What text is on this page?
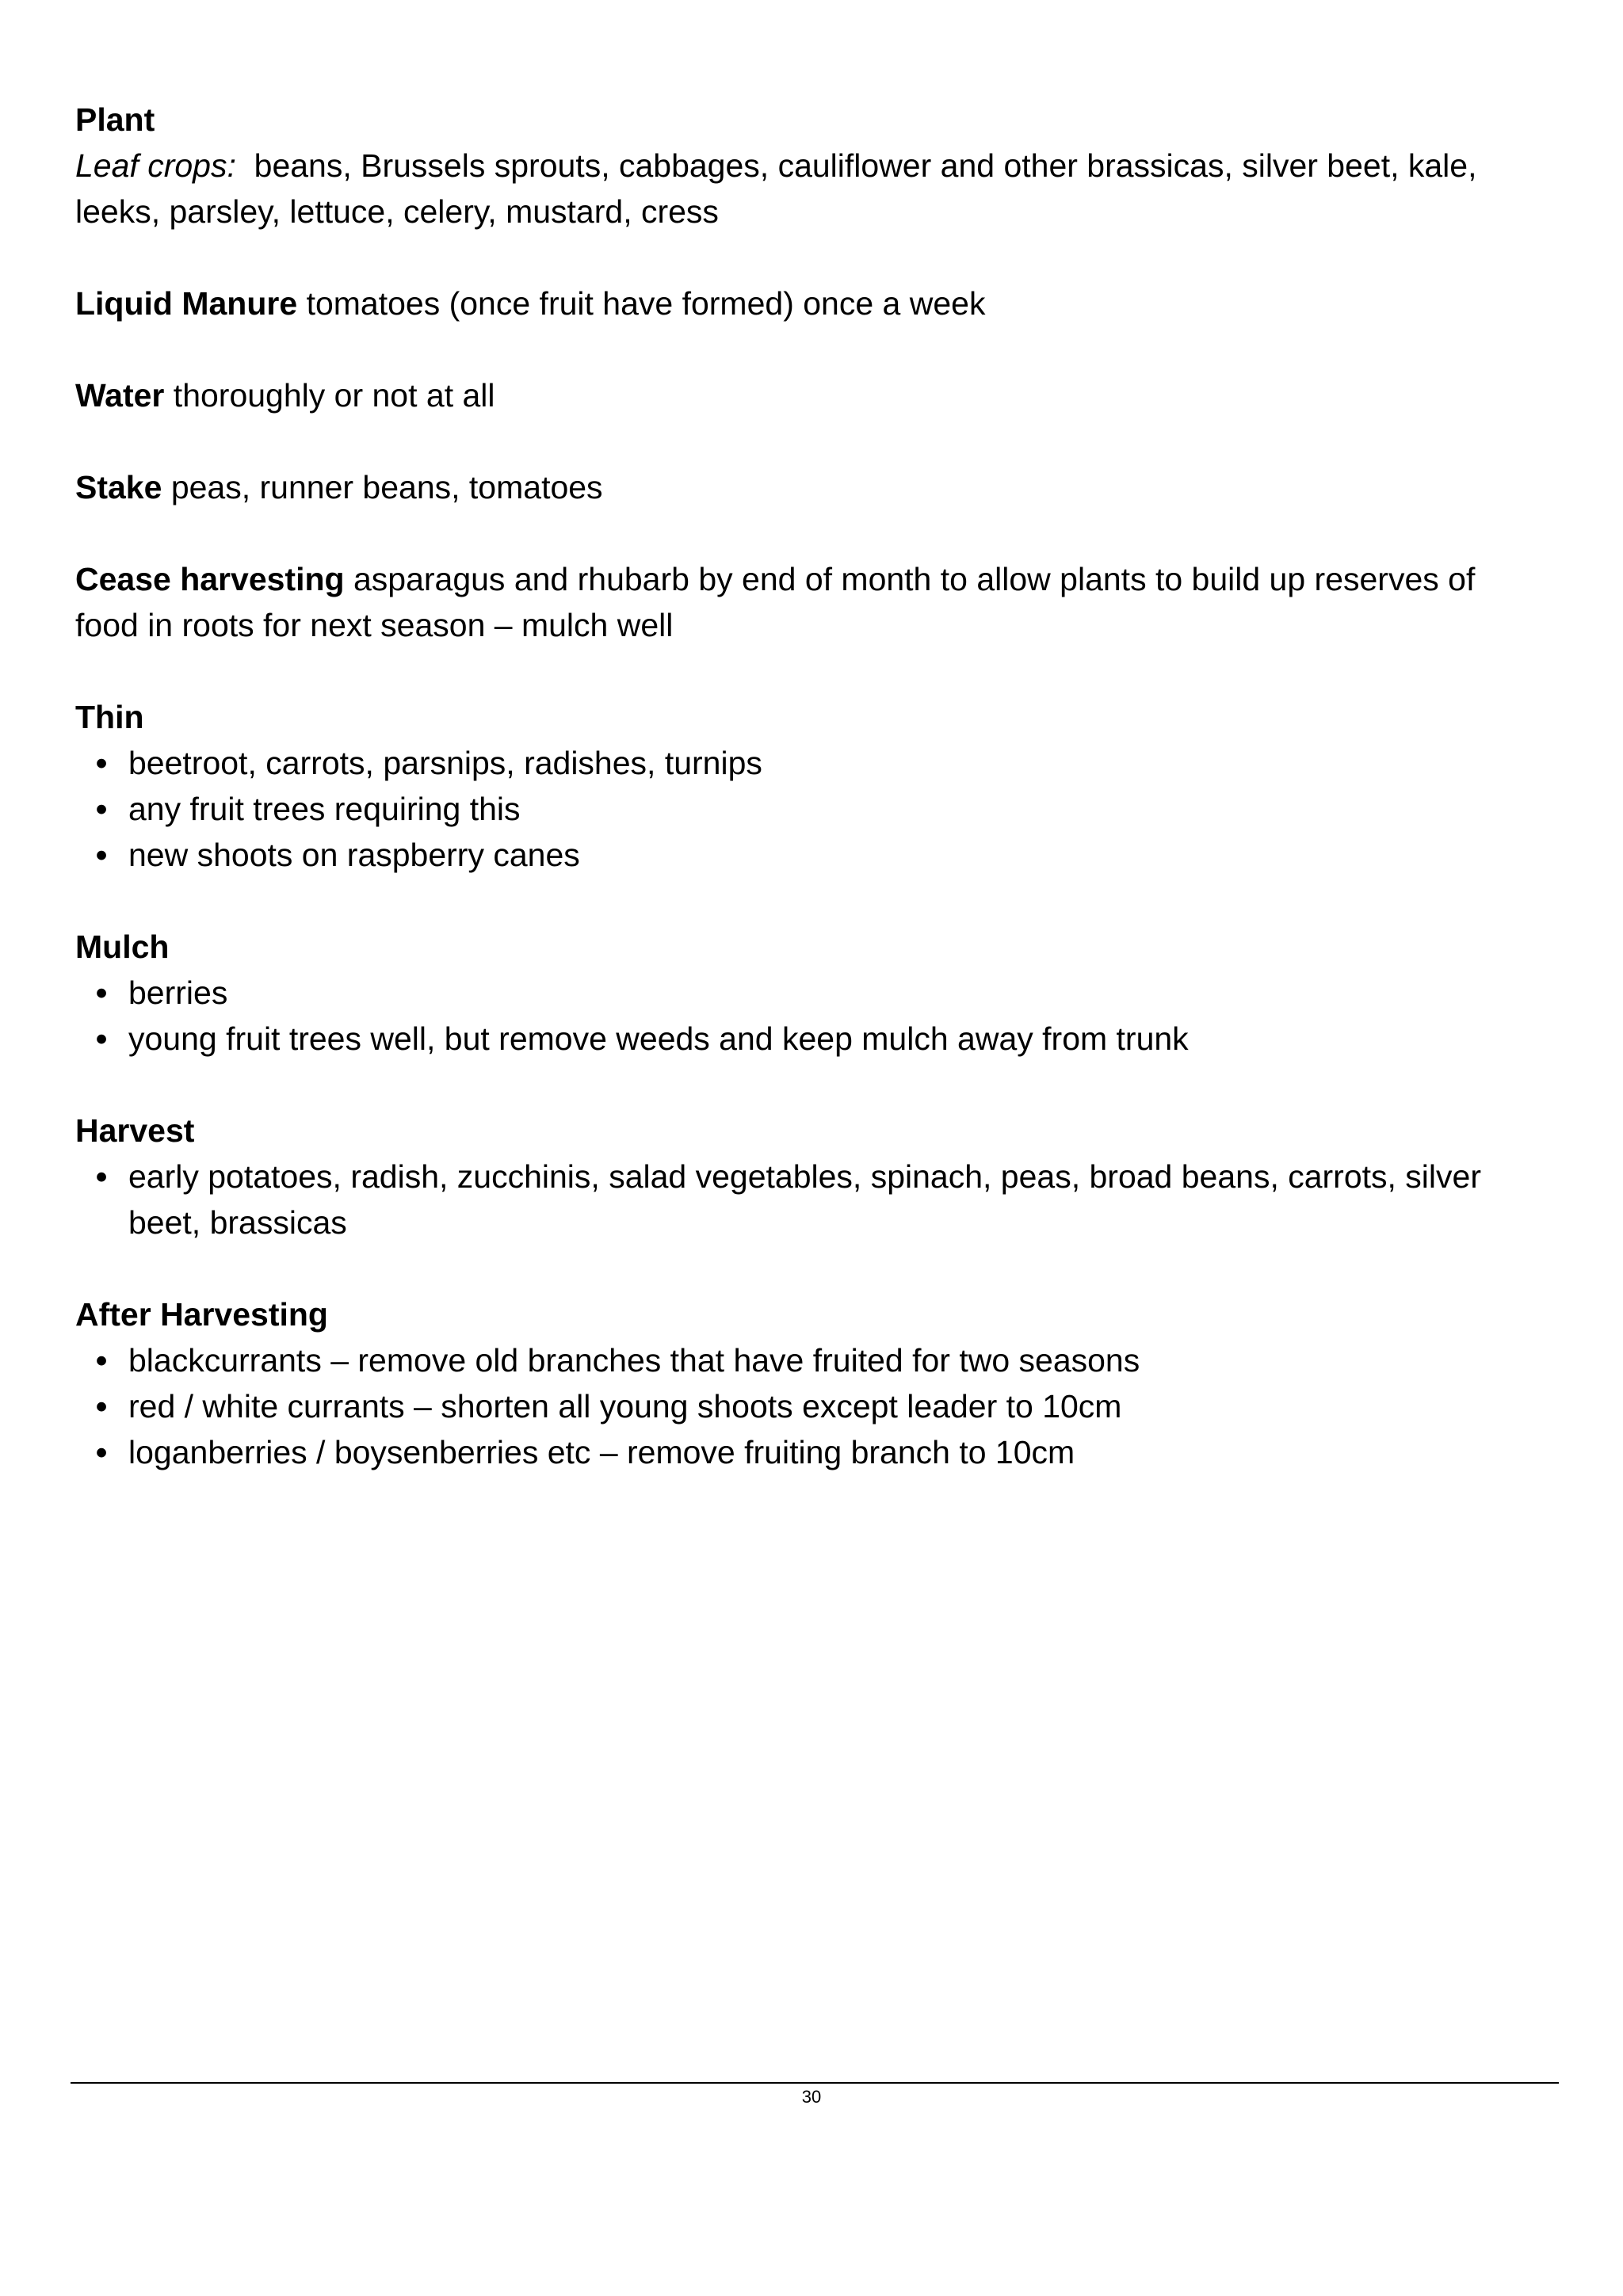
Plant
Leaf crops: beans, Brussels sprouts, cabbages, cauliflower and other brassicas, silver beet, kale,
leeks, parsley, lettuce, celery, mustard, cress
Liquid Manure tomatoes (once fruit have formed) once a week
Water thoroughly or not at all
Stake peas, runner beans, tomatoes
Cease harvesting asparagus and rhubarb by end of month to allow plants to build up reserves of
food in roots for next season – mulch well
Thin
• beetroot, carrots, parsnips, radishes, turnips
• any fruit trees requiring this
• new shoots on raspberry canes
Mulch
• berries
• young fruit trees well, but remove weeds and keep mulch away from trunk
Harvest
• early potatoes, radish, zucchinis, salad vegetables, spinach, peas, broad beans, carrots, silver
beet, brassicas
After Harvesting
• blackcurrants – remove old branches that have fruited for two seasons
• red / white currants – shorten all young shoots except leader to 10cm
• loganberries / boysenberries etc – remove fruiting branch to 10cm
30
